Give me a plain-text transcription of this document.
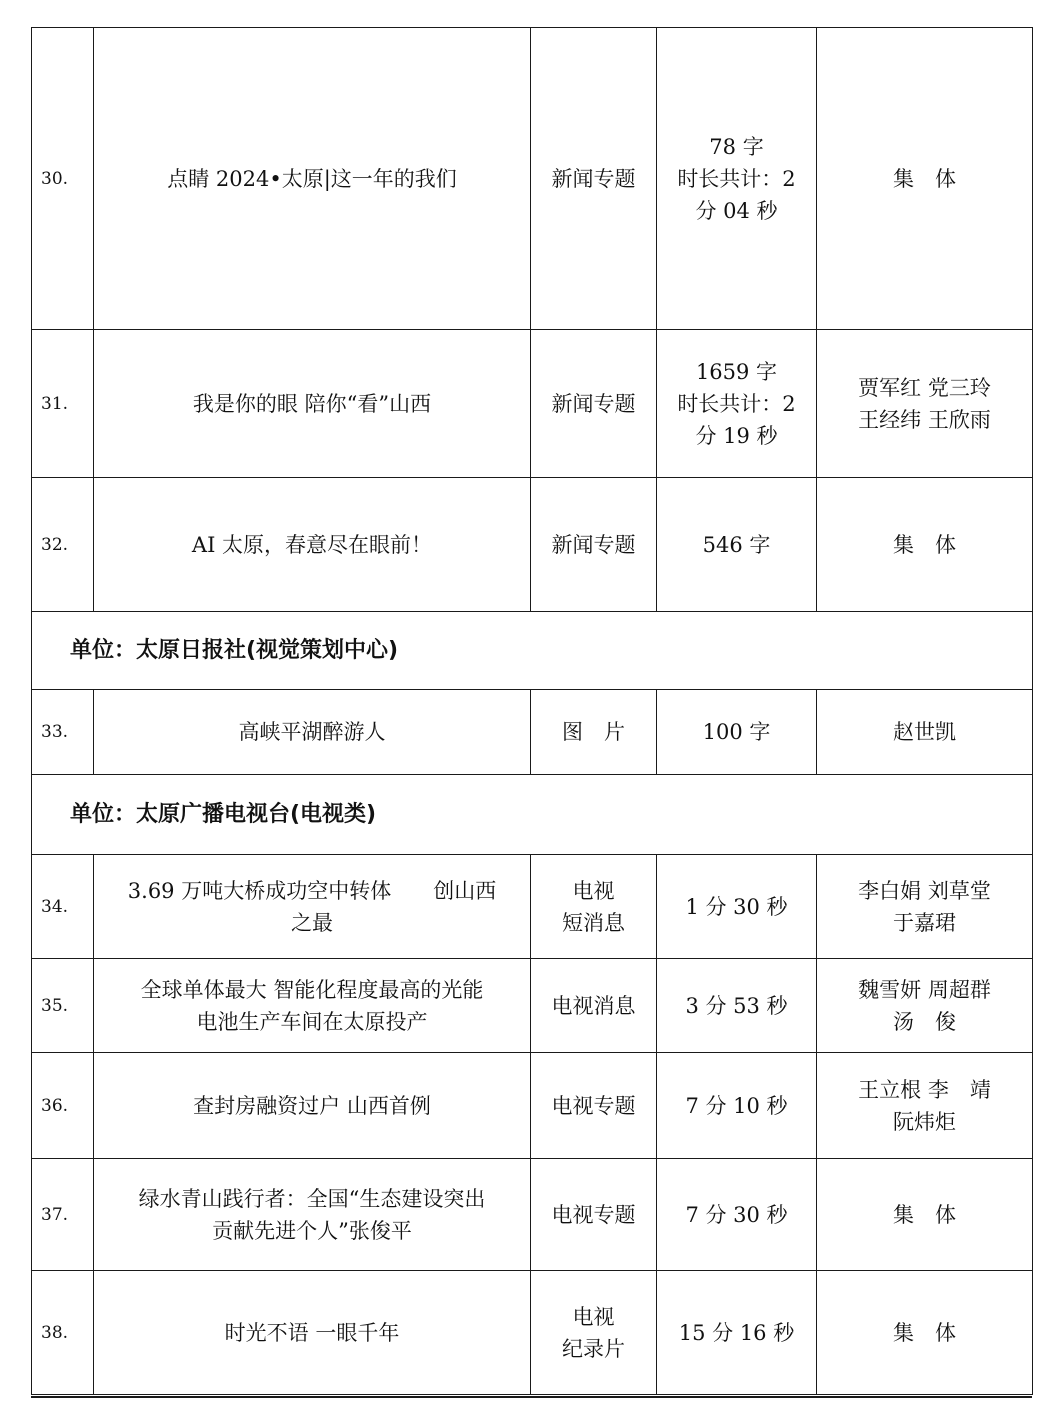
30.	点睛 2024•太原|这一年的我们	新闻专题	78 字
时长共计：2
分 04 秒	集　体

31.	我是你的眼 陪你“看”山西	新闻专题	1659 字
时长共计：2
分 19 秒	贾军红 党三玲
王经纬 王欣雨

32.	AI 太原，春意尽在眼前！	新闻专题	546 字	集　体

单位：太原日报社(视觉策划中心)				
33.	高峡平湖醉游人	图　片	100 字	赵世凯

单位：太原广播电视台(电视类)				
34.	3.69 万吨大桥成功空中转体　　创山西
之最	电视
短消息	1 分 30 秒	李白娟 刘草堂
于嘉珺

35.	全球单体最大 智能化程度最高的光能
电池生产车间在太原投产	电视消息	3 分 53 秒	魏雪妍 周超群
汤　俊

36.	查封房融资过户 山西首例	电视专题	7 分 10 秒	王立根 李　靖
阮炜炬

37.	绿水青山践行者：全国“生态建设突出
贡献先进个人”张俊平	电视专题	7 分 30 秒	集　体

38.	时光不语 一眼千年	电视
纪录片	15 分 16 秒	集　体
